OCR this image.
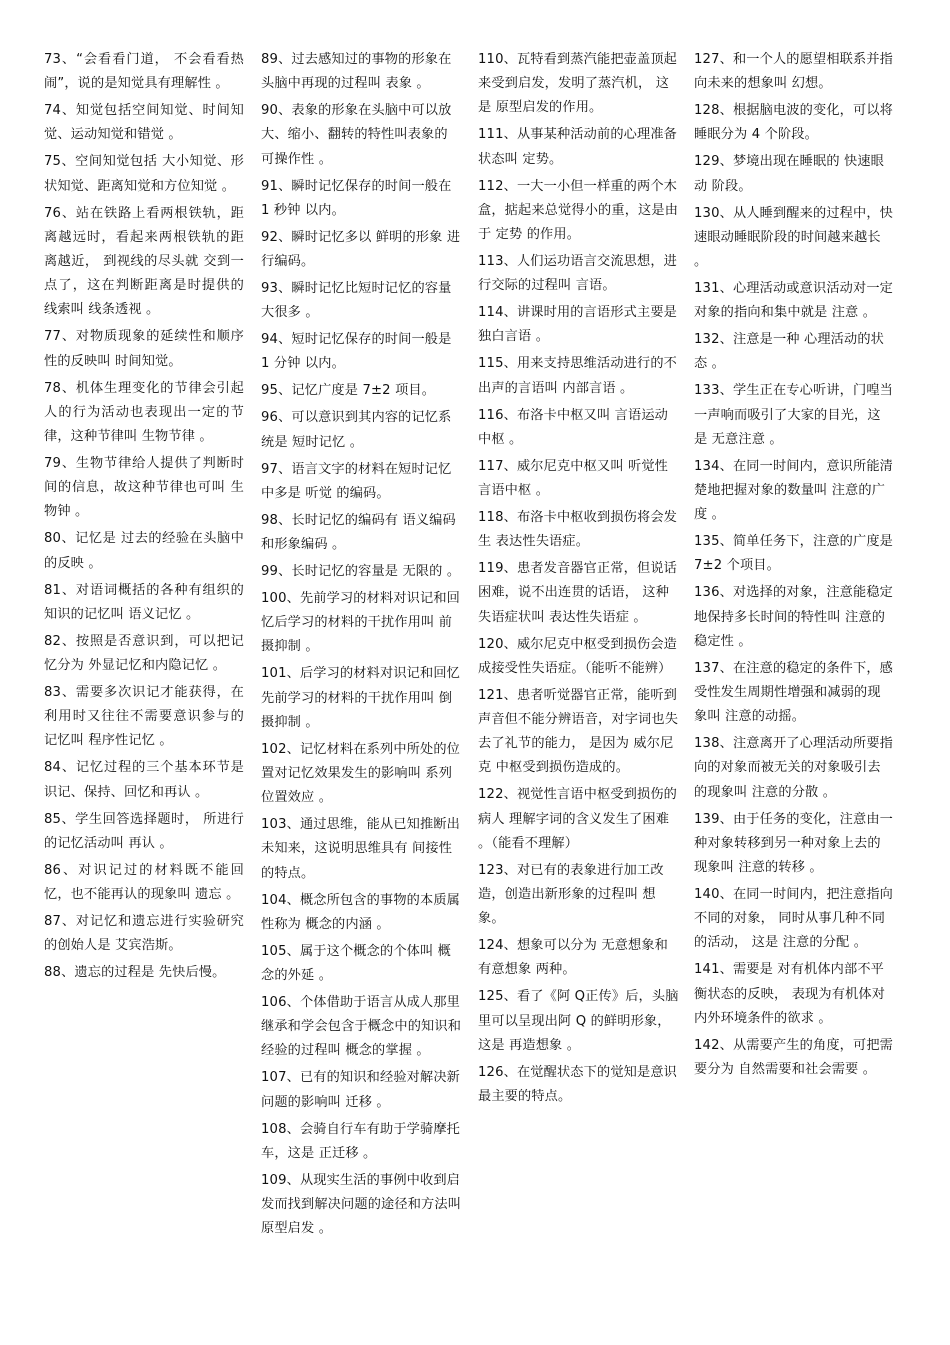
73、“会看看门道， 不会看看热闹”，说的是知觉具有理解性 。

74、知觉包括空间知觉、时间知觉、运动知觉和错觉 。

75、空间知觉包括 大小知觉、形状知觉、距离知觉和方位知觉 。

76、站在铁路上看两根铁轨，距离越远时，看起来两根铁轨的距离越近， 到视线的尽头就 交到一点了，这在判断距离是时提供的线索叫 线条透视 。

77、对物质现象的延续性和顺序性的反映叫 时间知觉。

78、机体生理变化的节律会引起人的行为活动也表现出一定的节律，这种节律叫 生物节律 。

79、生物节律给人提供了判断时间的信息，故这种节律也可叫 生物钟 。

80、记忆是 过去的经验在头脑中的反映 。

81、对语词概括的各种有组织的知识的记忆叫 语义记忆 。

82、按照是否意识到，可以把记忆分为 外显记忆和内隐记忆 。

83、需要多次识记才能获得，在利用时又往往不需要意识参与的记忆叫 程序性记忆 。

84、记忆过程的三个基本环节是 识记、保持、回忆和再认 。

85、学生回答选择题时， 所进行的记忆活动叫 再认 。

86、对识记过的材料既不能回忆，也不能再认的现象叫 遗忘 。

87、对记忆和遗忘进行实验研究的创始人是 艾宾浩斯。

88、遗忘的过程是 先快后慢。

89、过去感知过的事物的形象在头脑中再现的过程叫 表象 。

90、表象的形象在头脑中可以放大、缩小、翻转的特性叫表象的 可操作性 。

91、瞬时记忆保存的时间一般在 1 秒钟 以内。

92、瞬时记忆多以 鲜明的形象 进行编码。

93、瞬时记忆比短时记忆的容量 大很多 。

94、短时记忆保存的时间一般是 1 分钟 以内。

95、记忆广度是 7±2 项目。

96、可以意识到其内容的记忆系统是 短时记忆 。

97、语言文字的材料在短时记忆中多是 听觉 的编码。

98、长时记忆的编码有 语义编码和形象编码 。

99、长时记忆的容量是 无限的 。

100、先前学习的材料对识记和回忆后学习的材料的干扰作用叫 前摄抑制 。

101、后学习的材料对识记和回忆先前学习的材料的干扰作用叫 倒摄抑制 。

102、记忆材料在系列中所处的位置对记忆效果发生的影响叫 系列位置效应 。

103、通过思维，能从已知推断出未知来，这说明思维具有 间接性 的特点。

104、概念所包含的事物的本质属性称为 概念的内涵 。

105、属于这个概念的个体叫 概念的外延 。

106、个体借助于语言从成人那里继承和学会包含于概念中的知识和经验的过程叫 概念的掌握 。

107、已有的知识和经验对解决新问题的影响叫 迁移 。

108、会骑自行车有助于学骑摩托车，这是 正迁移 。

109、从现实生活的事例中收到启发而找到解决问题的途径和方法叫 原型启发 。

110、瓦特看到蒸汽能把壶盖顶起来受到启发，发明了蒸汽机， 这是 原型启发的作用。

111、从事某种活动前的心理准备状态叫 定势。

112、一大一小但一样重的两个木盒，掂起来总觉得小的重，这是由于 定势 的作用。

113、人们运功语言交流思想，进行交际的过程叫 言语。

114、讲课时用的言语形式主要是 独白言语 。

115、用来支持思维活动进行的不出声的言语叫 内部言语 。

116、布洛卡中枢又叫 言语运动中枢 。

117、威尔尼克中枢又叫 听觉性言语中枢 。

118、布洛卡中枢收到损伤将会发生 表达性失语症。

119、患者发音器官正常，但说话困难，说不出连贯的话语， 这种失语症状叫 表达性失语症 。

120、威尔尼克中枢受到损伤会造成接受性失语症。（能听不能辨）

121、患者听觉器官正常，能听到声音但不能分辨语音，对字词也失去了礼节的能力， 是因为 威尔尼克 中枢受到损伤造成的。

122、视觉性言语中枢受到损伤的病人 理解字词的含义发生了困难 。（能看不理解）

123、对已有的表象进行加工改造，创造出新形象的过程叫 想象。

124、想象可以分为 无意想象和有意想象 两种。

125、看了《阿 Q正传》后，头脑里可以呈现出阿 Q 的鲜明形象，这是 再造想象 。

126、在觉醒状态下的觉知是意识 最主要的特点。

127、和一个人的愿望相联系并指向未来的想象叫 幻想。

128、根据脑电波的变化，可以将睡眠分为 4 个阶段。

129、梦境出现在睡眠的 快速眼动 阶段。

130、从人睡到醒来的过程中，快速眼动睡眠阶段的时间越来越长 。

131、心理活动或意识活动对一定对象的指向和集中就是 注意 。

132、注意是一种 心理活动的状态 。

133、学生正在专心听讲，门喤当一声响而吸引了大家的目光，这是 无意注意 。

134、在同一时间内，意识所能清楚地把握对象的数量叫 注意的广度 。

135、简单任务下，注意的广度是 7±2 个项目。

136、对选择的对象，注意能稳定地保持多长时间的特性叫 注意的稳定性 。

137、在注意的稳定的条件下，感受性发生周期性增强和减弱的现象叫 注意的动摇。

138、注意离开了心理活动所要指向的对象而被无关的对象吸引去的现象叫 注意的分散 。

139、由于任务的变化，注意由一种对象转移到另一种对象上去的现象叫 注意的转移 。

140、在同一时间内，把注意指向不同的对象， 同时从事几种不同的活动， 这是 注意的分配 。

141、需要是 对有机体内部不平衡状态的反映， 表现为有机体对内外环境条件的欲求 。

142、从需要产生的角度，可把需要分为 自然需要和社会需要 。
